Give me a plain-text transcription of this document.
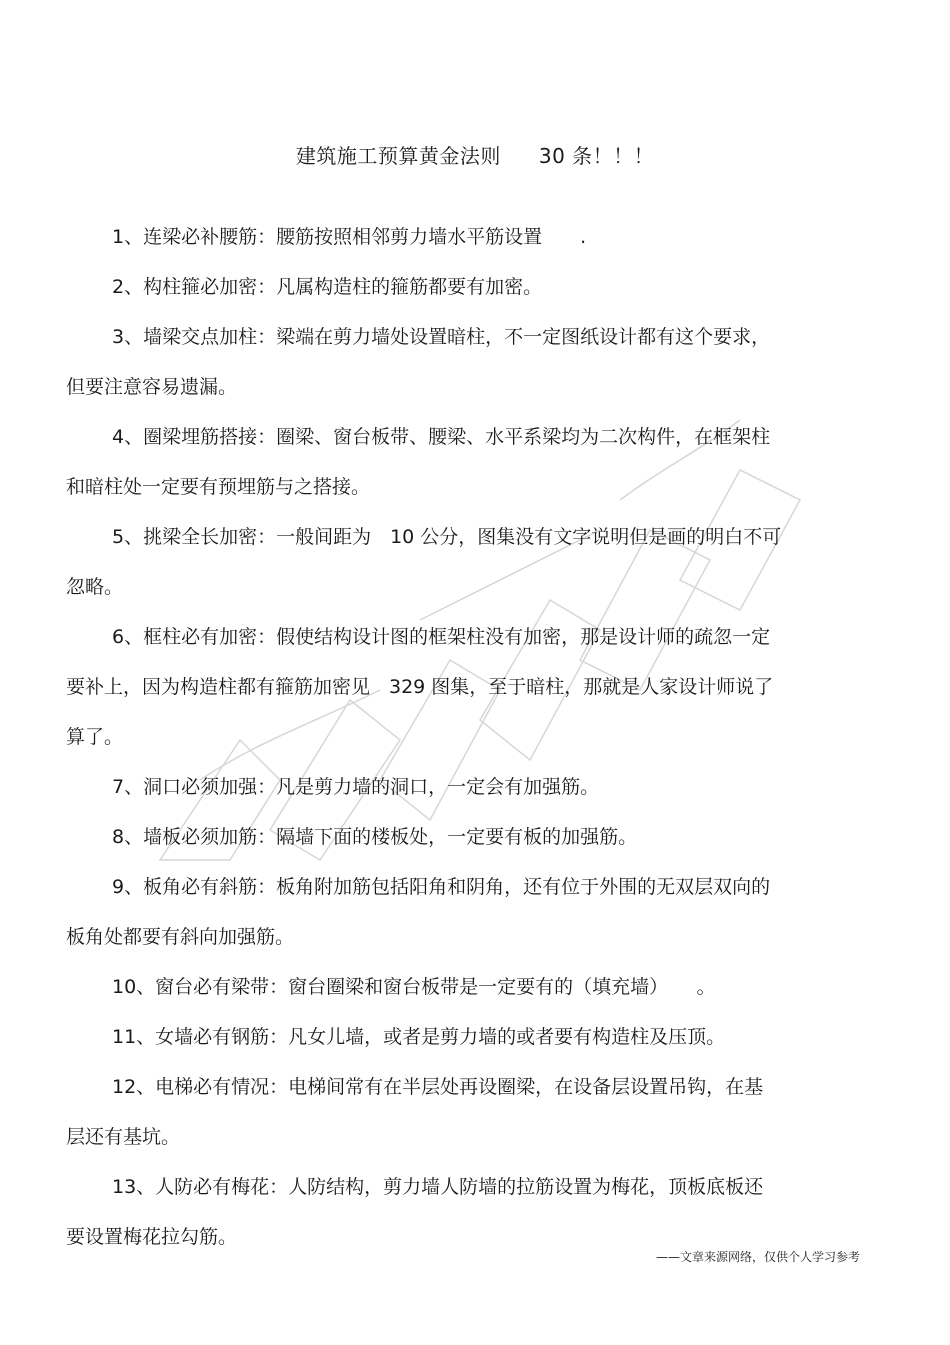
建筑施工预算黄金法则 30 条！！！

1、连梁必补腰筋：腰筋按照相邻剪力墙水平筋设置　　.

2、构柱箍必加密：凡属构造柱的箍筋都要有加密。

3、墙梁交点加柱：梁端在剪力墙处设置暗柱，不一定图纸设计都有这个要求，
但要注意容易遗漏。

4、圈梁埋筋搭接：圈梁、窗台板带、腰梁、水平系梁均为二次构件，在框架柱
和暗柱处一定要有预埋筋与之搭接。

5、挑梁全长加密：一般间距为　10 公分，图集没有文字说明但是画的明白不可
忽略。

6、框柱必有加密：假使结构设计图的框架柱没有加密，那是设计师的疏忽一定
要补上，因为构造柱都有箍筋加密见　329 图集，至于暗柱，那就是人家设计师说了
算了。

7、洞口必须加强：凡是剪力墙的洞口，一定会有加强筋。

8、墙板必须加筋：隔墙下面的楼板处，一定要有板的加强筋。

9、板角必有斜筋：板角附加筋包括阳角和阴角，还有位于外围的无双层双向的
板角处都要有斜向加强筋。

10、窗台必有梁带：窗台圈梁和窗台板带是一定要有的（填充墙）　　。

11、女墙必有钢筋：凡女儿墙，或者是剪力墙的或者要有构造柱及压顶。

12、电梯必有情况：电梯间常有在半层处再设圈梁，在设备层设置吊钩，在基
层还有基坑。

13、人防必有梅花：人防结构，剪力墙人防墙的拉筋设置为梅花，顶板底板还
要设置梅花拉勾筋。

——文章来源网络，仅供个人学习参考
